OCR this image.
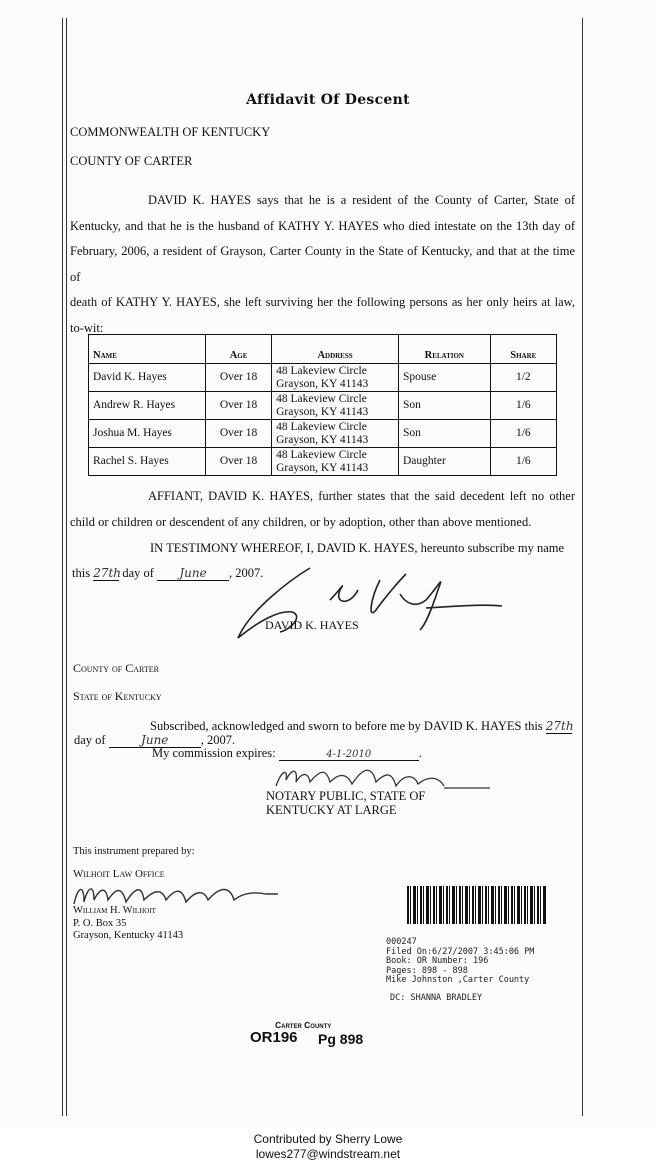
Affidavit Of Descent
COMMONWEALTH OF KENTUCKY
COUNTY OF CARTER
DAVID K. HAYES says that he is a resident of the County of Carter, State of
Kentucky, and that he is the husband of KATHY Y. HAYES who died intestate on the 13th day of
February, 2006, a resident of Grayson, Carter County in the State of Kentucky, and that at the time of
death of KATHY Y. HAYES, she left surviving her the following persons as her only heirs at law,
to-wit:
Name	Age	Address	Relation	Share
David K. Hayes	Over 18	48 Lakeview Circle
Grayson, KY 41143	Spouse	1/2
Andrew R. Hayes	Over 18	48 Lakeview Circle
Grayson, KY 41143	Son	1/6
Joshua M. Hayes	Over 18	48 Lakeview Circle
Grayson, KY 41143	Son	1/6
Rachel S. Hayes	Over 18	48 Lakeview Circle
Grayson, KY 41143	Daughter	1/6
AFFIANT, DAVID K. HAYES, further states that the said decedent left no other
child or children or descendent of any children, or by adoption, other than above mentioned.
IN TESTIMONY WHEREOF, I, DAVID K. HAYES, hereunto subscribe my name
this 27th day of June , 2007.
David K. Hayes
DAVID K. HAYES
County of Carter
State of Kentucky
Subscribed, acknowledged and sworn to before me by DAVID K. HAYES this 27th
day of	June	, 2007.
My commission expires:	4-1-2010	.
Miranda Waggoner
NOTARY PUBLIC, STATE OF
KENTUCKY AT LARGE
This instrument prepared by:
Wilhoit Law Office
William H. Wilhoit
William H. Wilhoit
P. O. Box 35
Grayson, Kentucky 41143
000247
Filed On:6/27/2007 3:45:06 PM
Book: OR Number: 196
Pages: 898 - 898
Mike Johnston ,Carter County
DC: SHANNA BRADLEY
Carter County
OR196 Pg 898
Contributed by Sherry Lowe
lowes277@windstream.net
